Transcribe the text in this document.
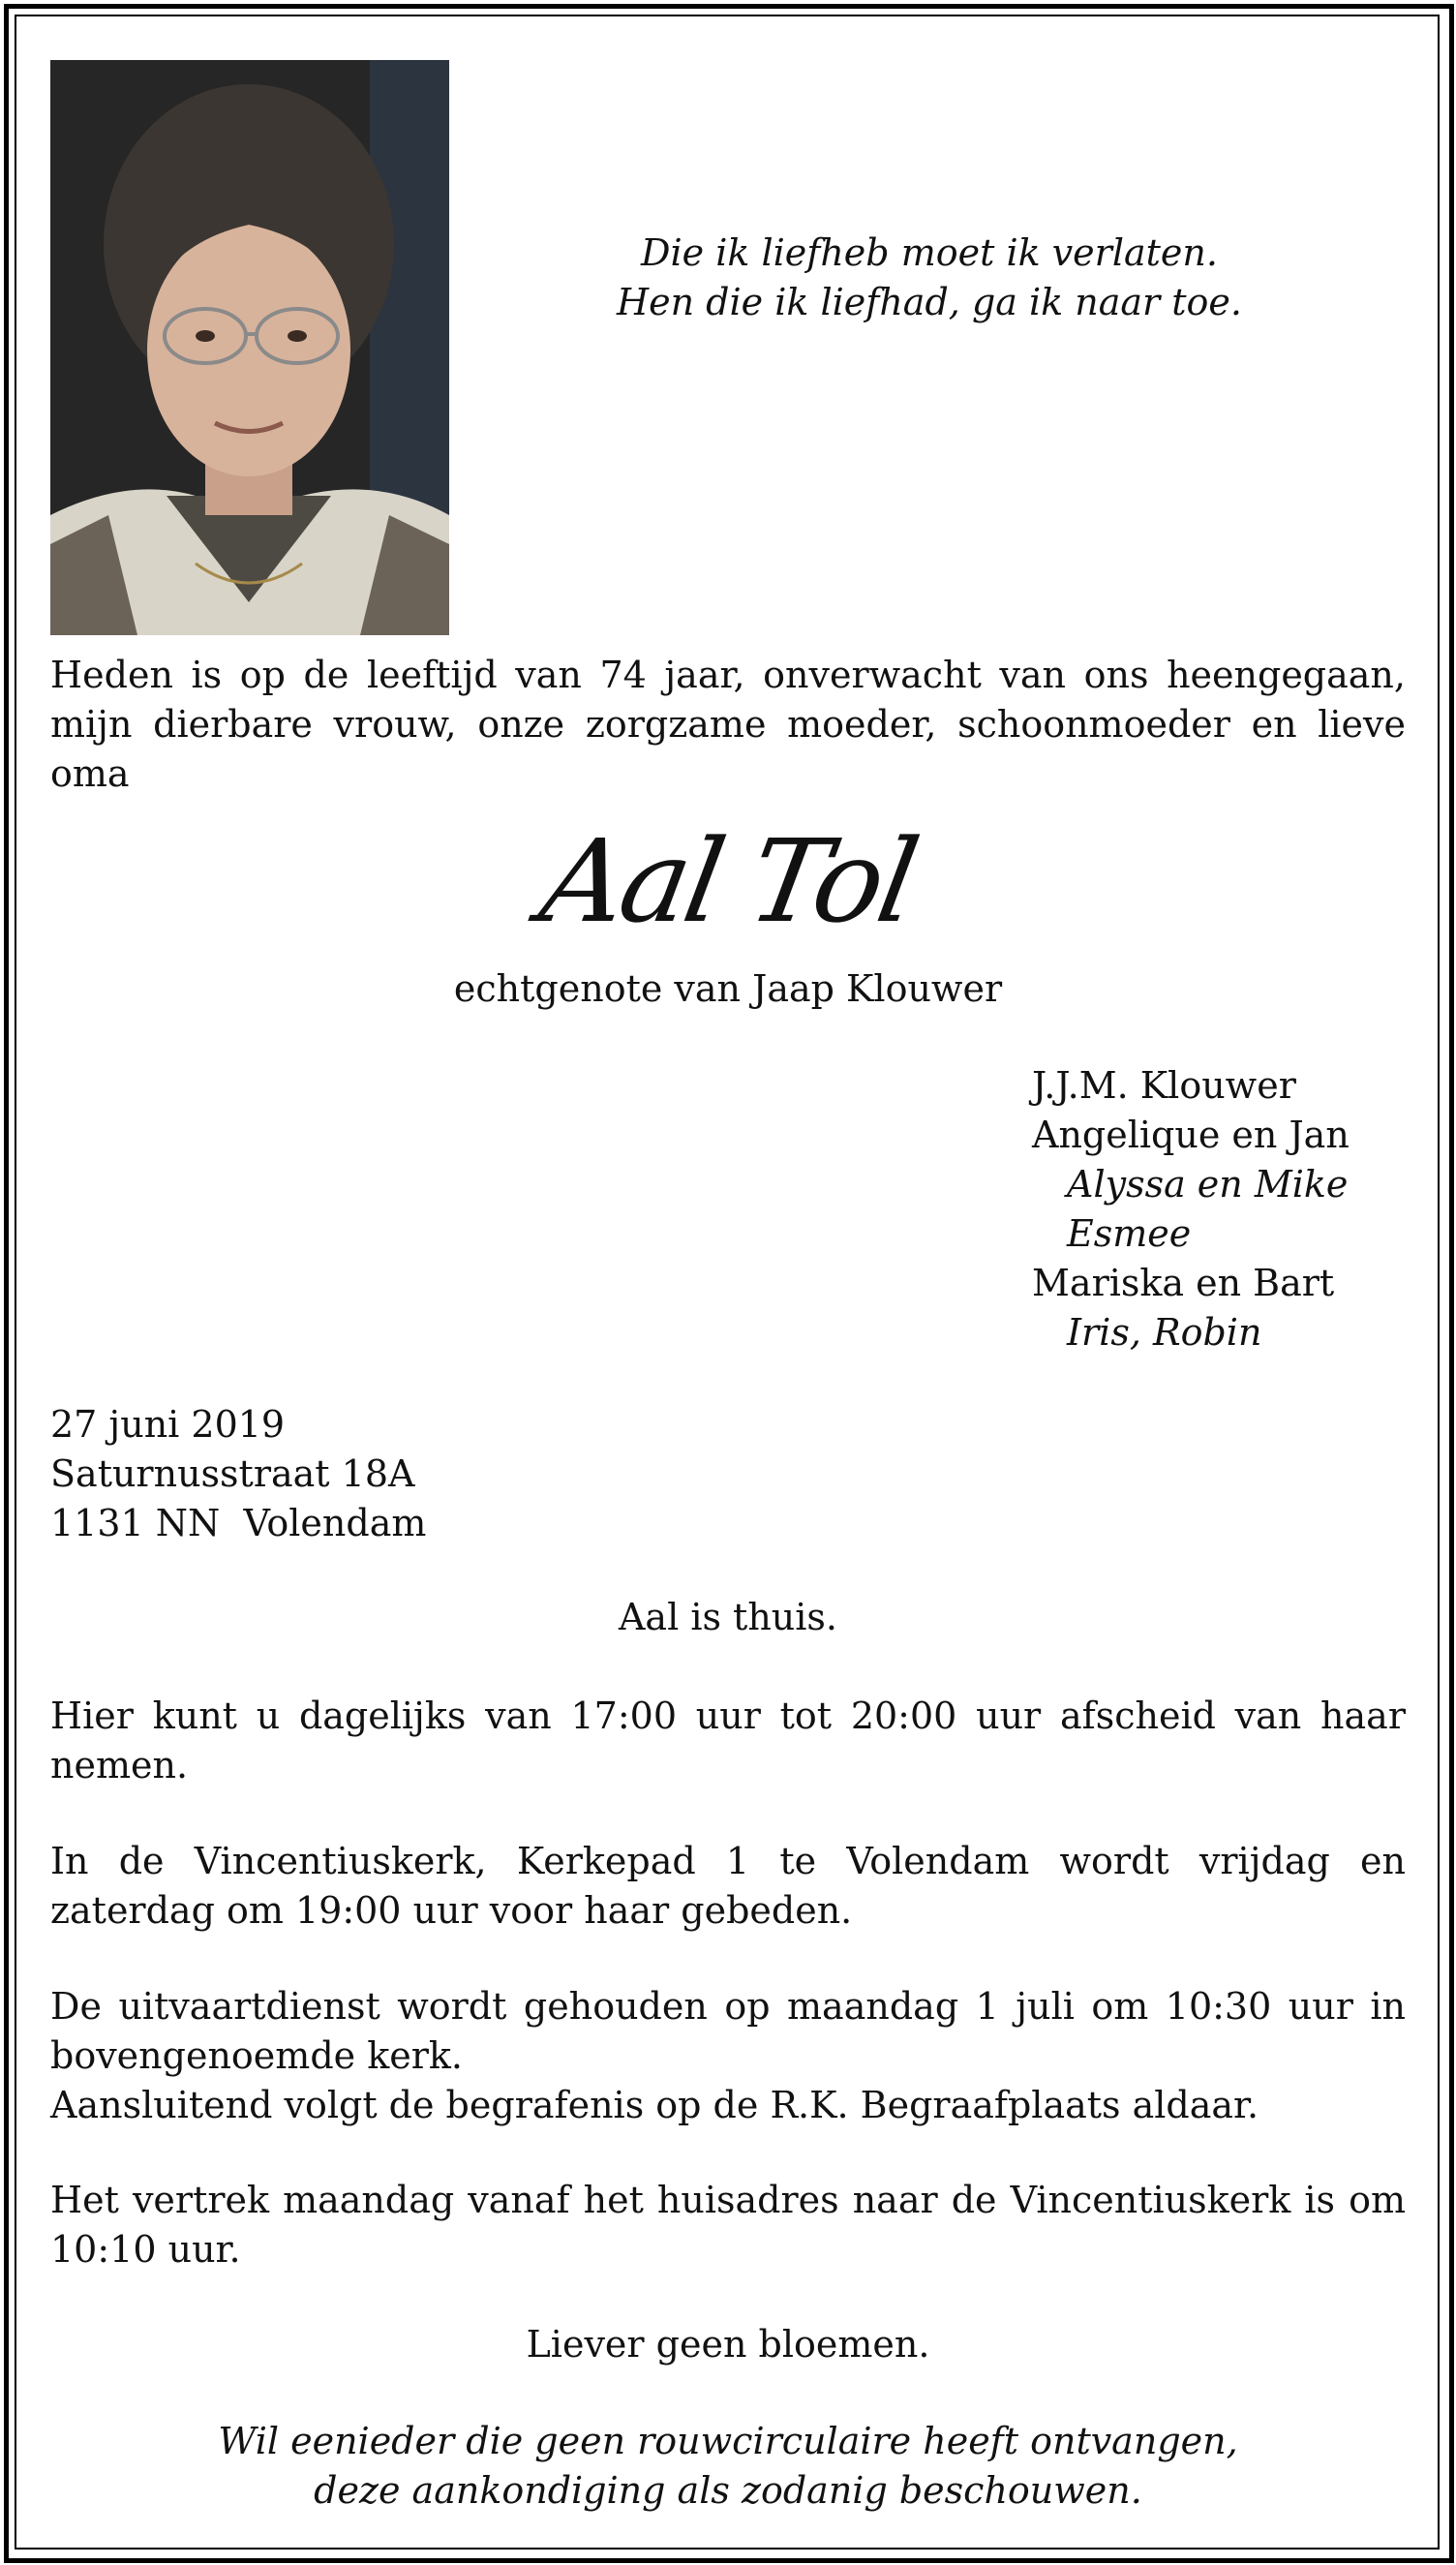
Die ik liefheb moet ik verlaten.
Hen die ik liefhad, ga ik naar toe.

Heden is op de leeftijd van 74 jaar, onverwacht van ons heengegaan, mijn dierbare vrouw, onze zorgzame moeder, schoonmoeder en lieve oma

Aal Tol

echtgenote van Jaap Klouwer

J.J.M. Klouwer
Angelique en Jan
Alyssa en Mike
Esmee
Mariska en Bart
Iris, Robin
27 juni 2019
Saturnusstraat 18A
1131 NN  Volendam

Aal is thuis.

Hier kunt u dagelijks van 17:00 uur tot 20:00 uur afscheid van haar nemen.

In de Vincentiuskerk, Kerkepad 1 te Volendam wordt vrijdag en zaterdag om 19:00 uur voor haar gebeden.

De uitvaartdienst wordt gehouden op maandag 1 juli om 10:30 uur in bovengenoemde kerk.
Aansluitend volgt de begrafenis op de R.K. Begraafplaats aldaar.

Het vertrek maandag vanaf het huisadres naar de Vincentiuskerk is om 10:10 uur.

Liever geen bloemen.

Wil eenieder die geen rouwcirculaire heeft ontvangen,
deze aankondiging als zodanig beschouwen.
